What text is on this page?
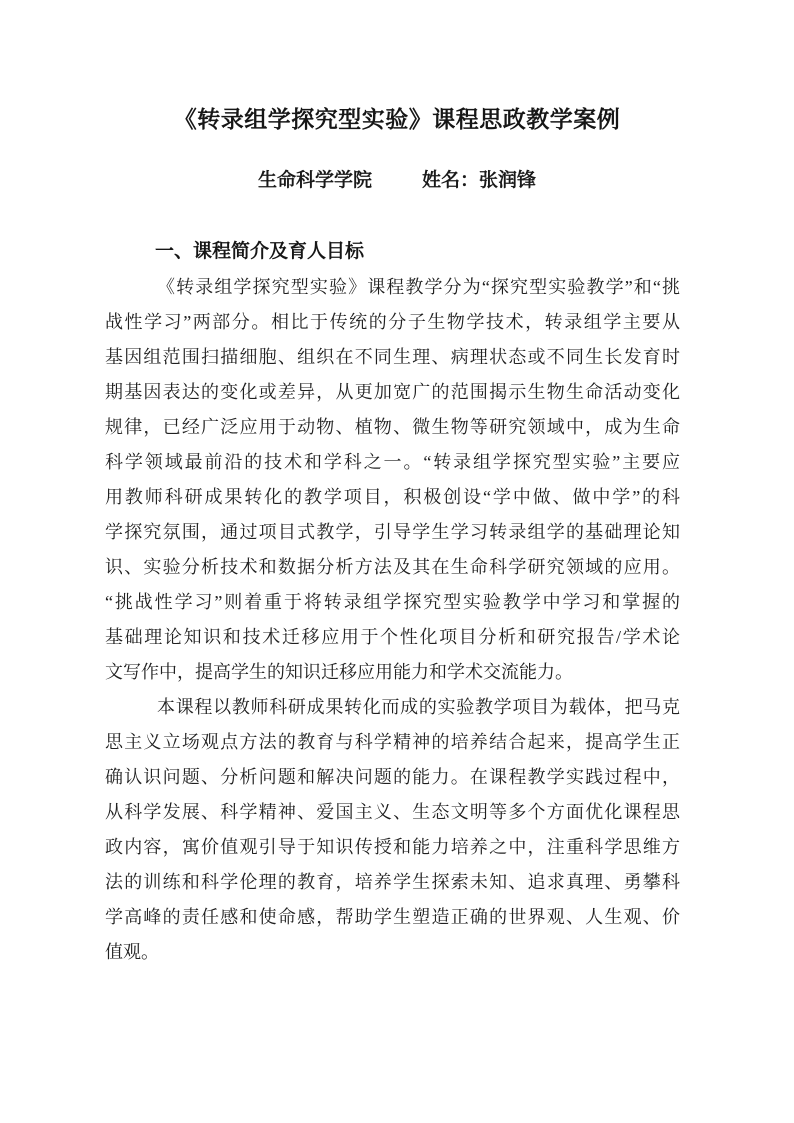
《转录组学探究型实验》课程思政教学案例
生命科学学院	姓名：张润锋
一、课程简介及育人目标
《转录组学探究型实验》课程教学分为“探究型实验教学”和“挑
战性学习”两部分。相比于传统的分子生物学技术，转录组学主要从
基因组范围扫描细胞、组织在不同生理、病理状态或不同生长发育时
期基因表达的变化或差异，从更加宽广的范围揭示生物生命活动变化
规律，已经广泛应用于动物、植物、微生物等研究领域中，成为生命
科学领域最前沿的技术和学科之一。“转录组学探究型实验”主要应
用教师科研成果转化的教学项目，积极创设“学中做、做中学”的科
学探究氛围，通过项目式教学，引导学生学习转录组学的基础理论知
识、实验分析技术和数据分析方法及其在生命科学研究领域的应用。
“挑战性学习”则着重于将转录组学探究型实验教学中学习和掌握的
基础理论知识和技术迁移应用于个性化项目分析和研究报告/学术论
文写作中，提高学生的知识迁移应用能力和学术交流能力。
本课程以教师科研成果转化而成的实验教学项目为载体，把马克
思主义立场观点方法的教育与科学精神的培养结合起来，提高学生正
确认识问题、分析问题和解决问题的能力。在课程教学实践过程中，
从科学发展、科学精神、爱国主义、生态文明等多个方面优化课程思
政内容，寓价值观引导于知识传授和能力培养之中，注重科学思维方
法的训练和科学伦理的教育，培养学生探索未知、追求真理、勇攀科
学高峰的责任感和使命感，帮助学生塑造正确的世界观、人生观、价
值观。
